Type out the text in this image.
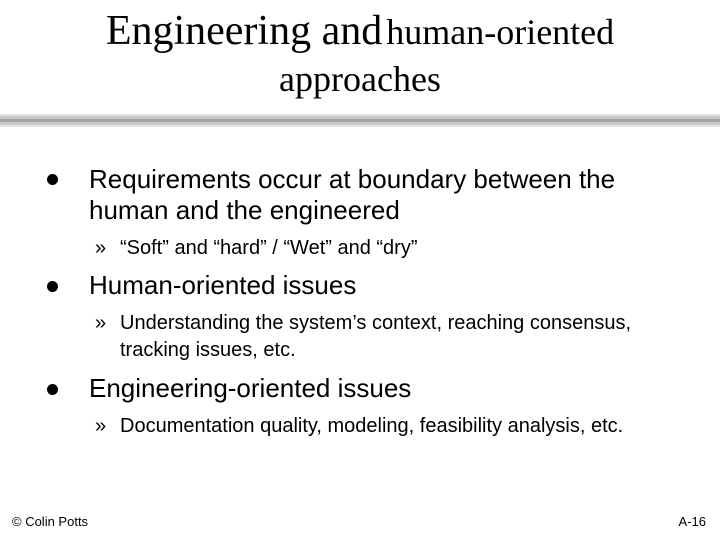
Engineering and human-oriented
approaches
Requirements occur at boundary between the human and the engineered
» “Soft” and “hard” / “Wet” and “dry”
Human-oriented issues
» Understanding the system’s context, reaching consensus, tracking issues, etc.
Engineering-oriented issues
» Documentation quality, modeling, feasibility analysis, etc.
© Colin Potts	A-16
